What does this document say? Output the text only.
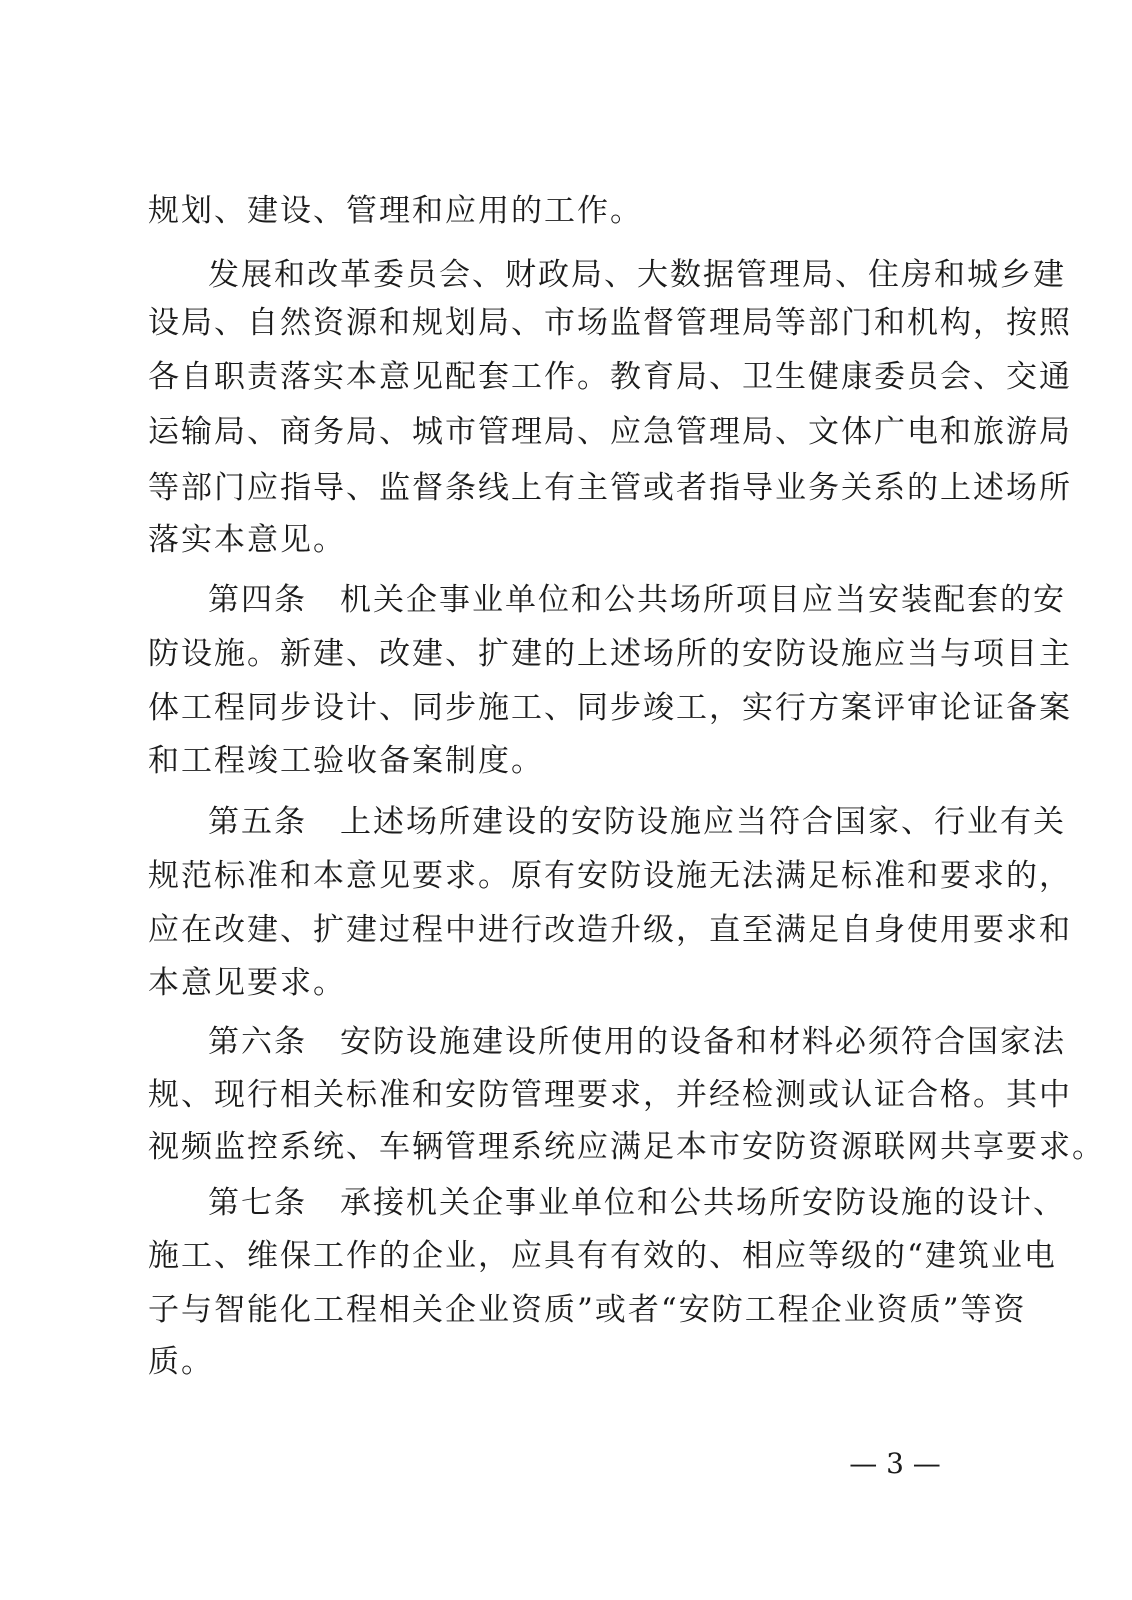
规划、建设、管理和应用的工作。
发展和改革委员会、财政局、大数据管理局、住房和城乡建
设局、自然资源和规划局、市场监督管理局等部门和机构，按照
各自职责落实本意见配套工作。教育局、卫生健康委员会、交通
运输局、商务局、城市管理局、应急管理局、文体广电和旅游局
等部门应指导、监督条线上有主管或者指导业务关系的上述场所
落实本意见。
第四条　机关企事业单位和公共场所项目应当安装配套的安
防设施。新建、改建、扩建的上述场所的安防设施应当与项目主
体工程同步设计、同步施工、同步竣工，实行方案评审论证备案
和工程竣工验收备案制度。
第五条　上述场所建设的安防设施应当符合国家、行业有关
规范标准和本意见要求。原有安防设施无法满足标准和要求的，
应在改建、扩建过程中进行改造升级，直至满足自身使用要求和
本意见要求。
第六条　安防设施建设所使用的设备和材料必须符合国家法
规、现行相关标准和安防管理要求，并经检测或认证合格。其中
视频监控系统、车辆管理系统应满足本市安防资源联网共享要求。
第七条　承接机关企事业单位和公共场所安防设施的设计、
施工、维保工作的企业，应具有有效的、相应等级的“建筑业电
子与智能化工程相关企业资质”或者“安防工程企业资质”等资
质。
— 3 —
